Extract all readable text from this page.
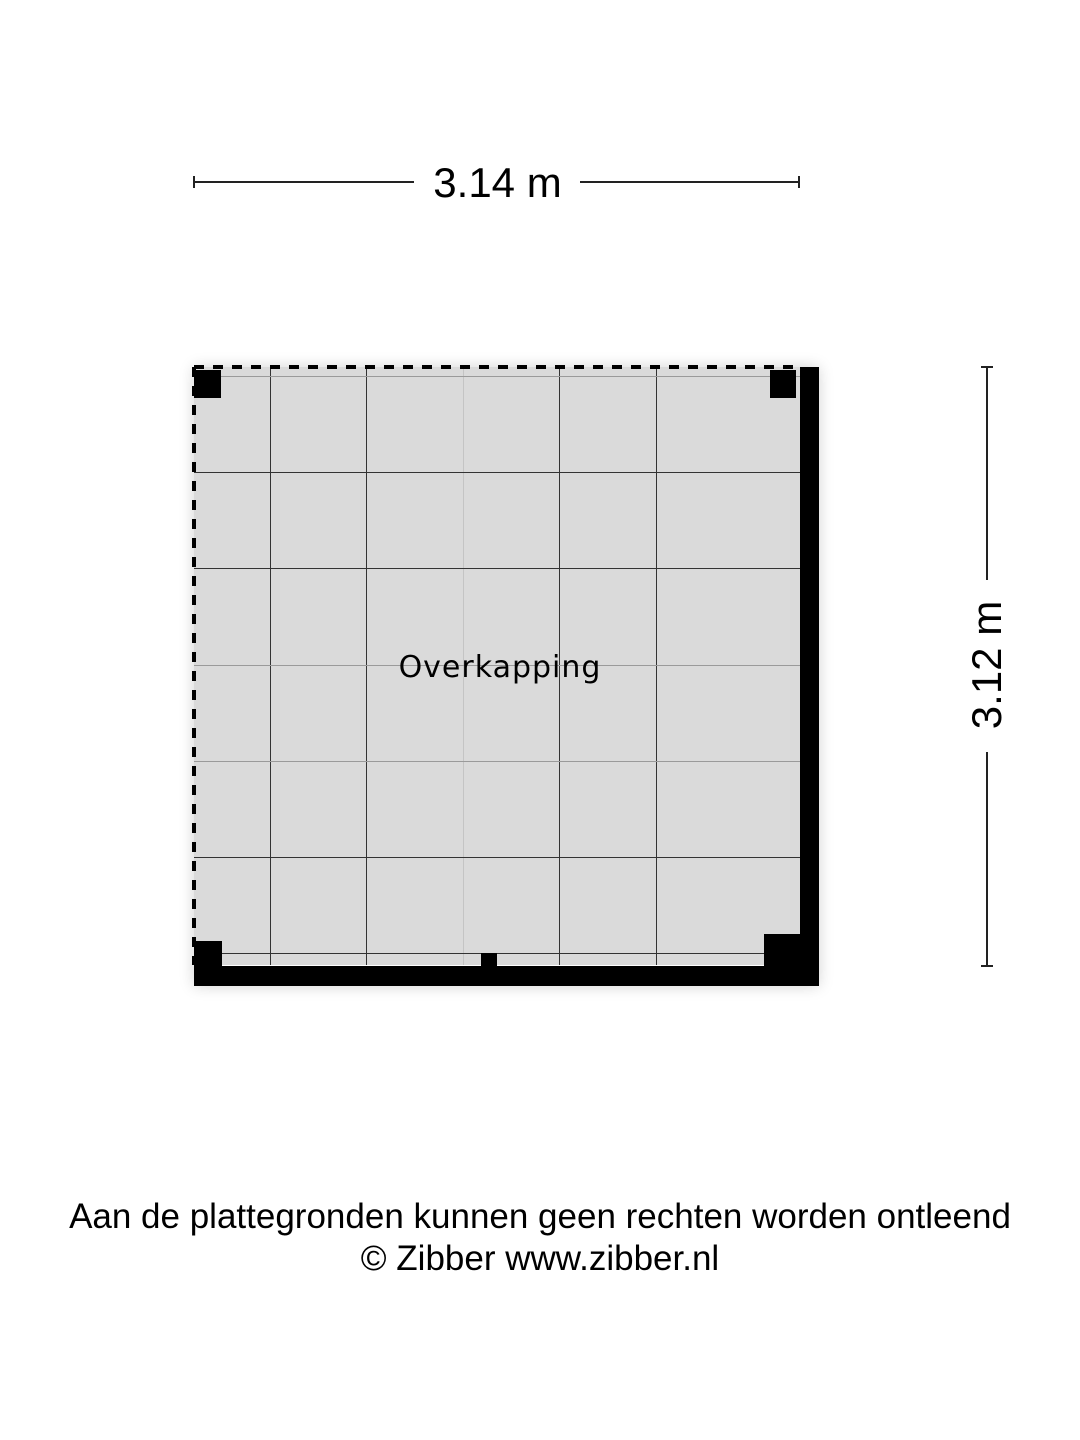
3.14 m
3.12 m
Overkapping
Aan de plattegronden kunnen geen rechten worden ontleend
© Zibber www.zibber.nl
